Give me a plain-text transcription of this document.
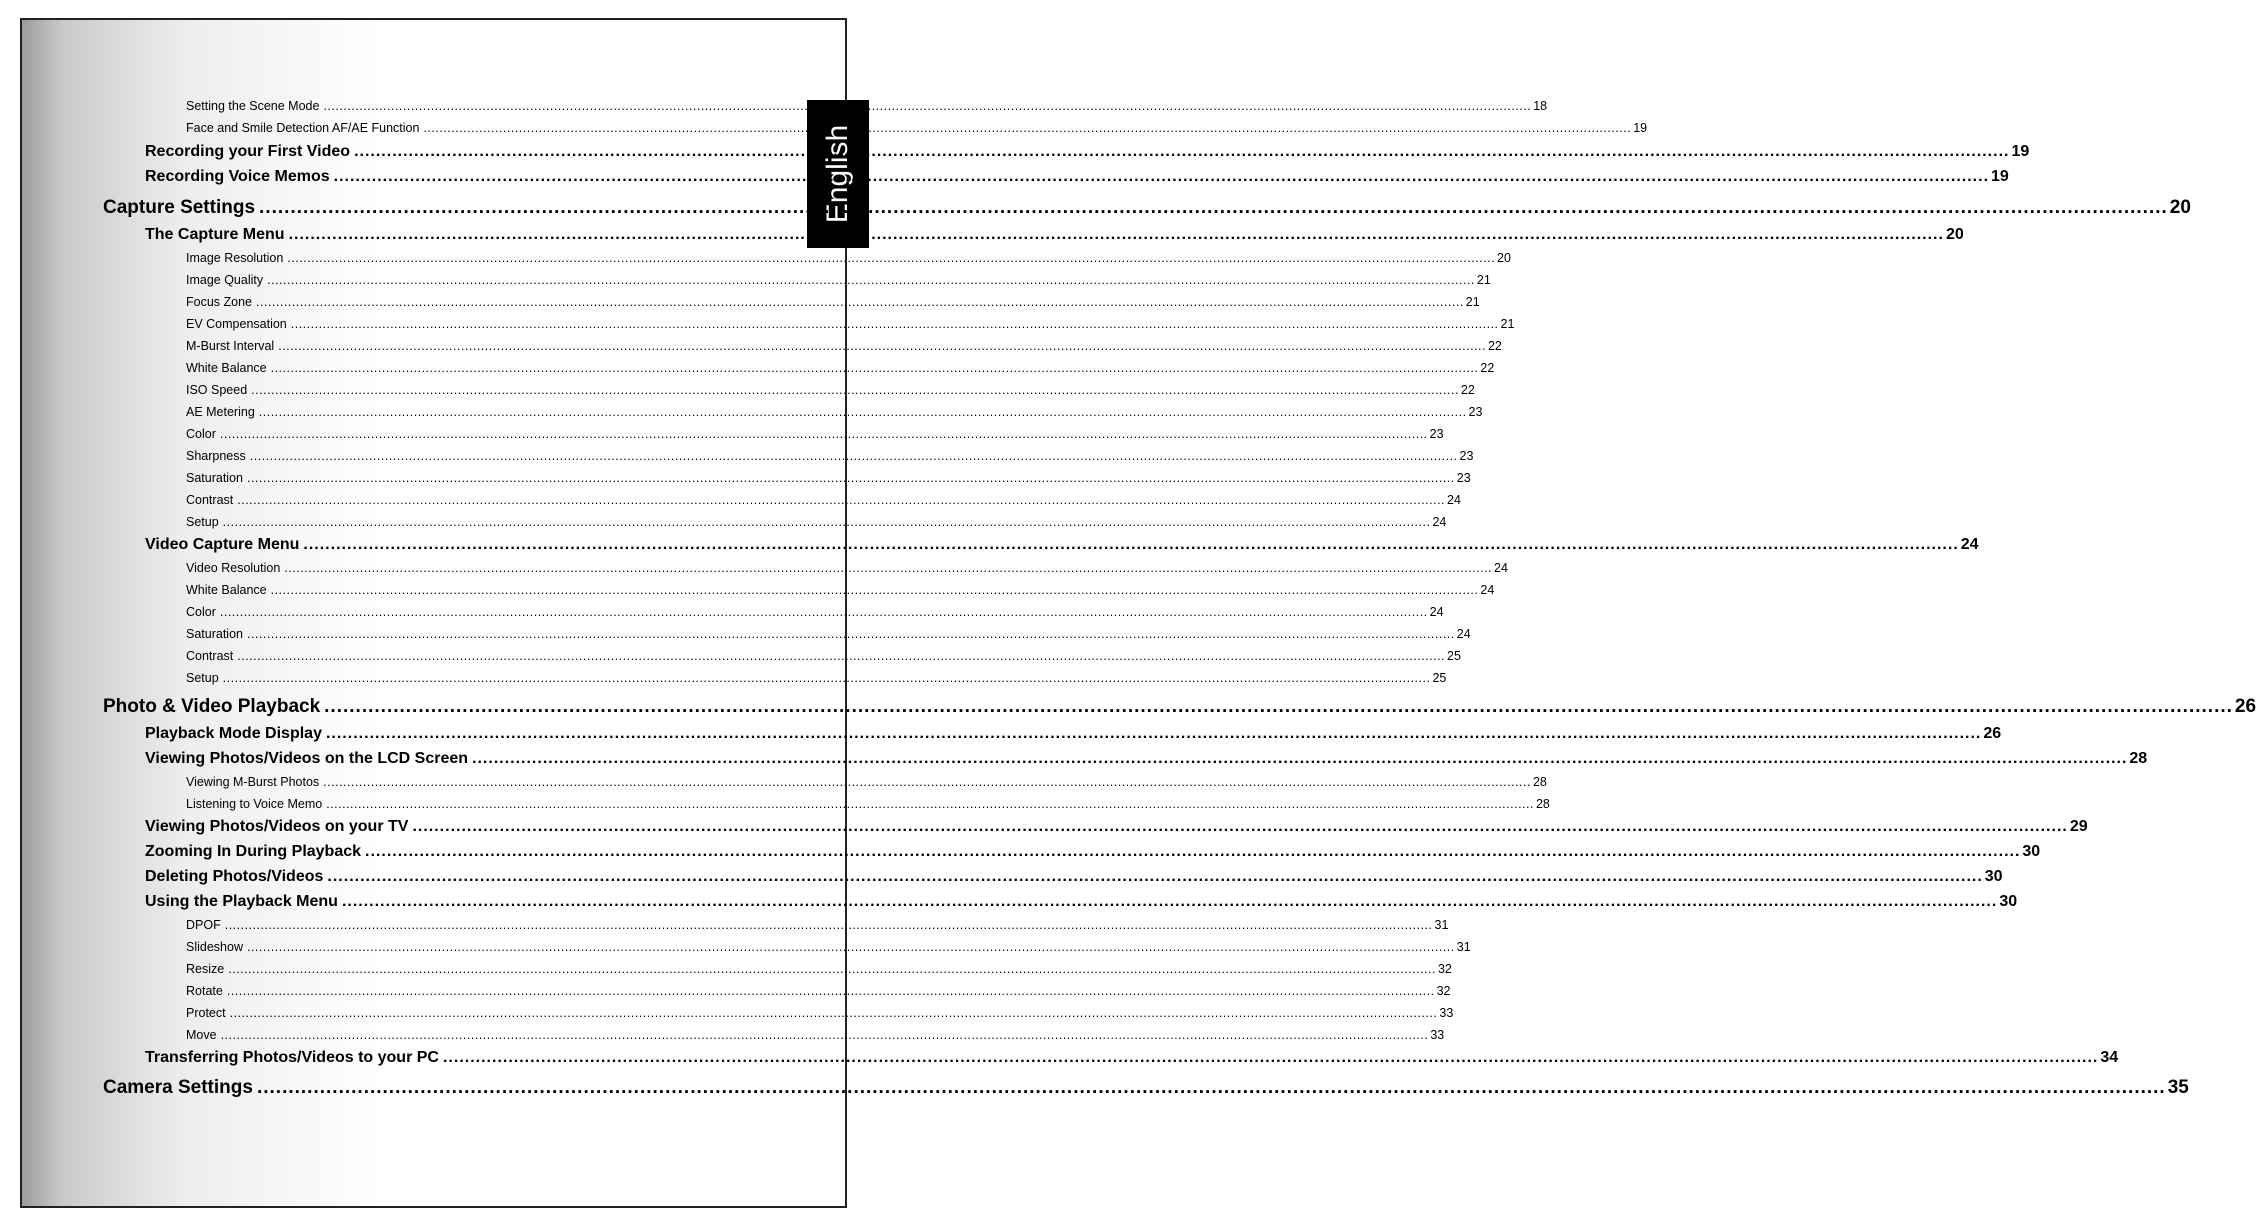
English
Setting the Scene Mode ................................................................................................................................................................................................................................................................................................................ 18
Face and Smile Detection AF/AE Function ................................................................................................................................................................................................................................................................................................................ 19
Recording your First Video ................................................................................................................................................................................................................................................................................................................ 19
Recording Voice Memos ................................................................................................................................................................................................................................................................................................................ 19
Capture Settings ................................................................................................................................................................................................................................................................................................................ 20
The Capture Menu ................................................................................................................................................................................................................................................................................................................ 20
Image Resolution ................................................................................................................................................................................................................................................................................................................ 20
Image Quality ................................................................................................................................................................................................................................................................................................................ 21
Focus Zone ................................................................................................................................................................................................................................................................................................................ 21
EV Compensation ................................................................................................................................................................................................................................................................................................................ 21
M-Burst Interval ................................................................................................................................................................................................................................................................................................................ 22
White Balance ................................................................................................................................................................................................................................................................................................................ 22
ISO Speed ................................................................................................................................................................................................................................................................................................................ 22
AE Metering ................................................................................................................................................................................................................................................................................................................ 23
Color ................................................................................................................................................................................................................................................................................................................ 23
Sharpness ................................................................................................................................................................................................................................................................................................................ 23
Saturation ................................................................................................................................................................................................................................................................................................................ 23
Contrast ................................................................................................................................................................................................................................................................................................................ 24
Setup ................................................................................................................................................................................................................................................................................................................ 24
Video Capture Menu ................................................................................................................................................................................................................................................................................................................ 24
Video Resolution ................................................................................................................................................................................................................................................................................................................ 24
White Balance ................................................................................................................................................................................................................................................................................................................ 24
Color ................................................................................................................................................................................................................................................................................................................ 24
Saturation ................................................................................................................................................................................................................................................................................................................ 24
Contrast ................................................................................................................................................................................................................................................................................................................ 25
Setup ................................................................................................................................................................................................................................................................................................................ 25
Photo & Video Playback ................................................................................................................................................................................................................................................................................................................ 26
Playback Mode Display ................................................................................................................................................................................................................................................................................................................ 26
Viewing Photos/Videos on the LCD Screen ................................................................................................................................................................................................................................................................................................................ 28
Viewing M-Burst Photos ................................................................................................................................................................................................................................................................................................................ 28
Listening to Voice Memo ................................................................................................................................................................................................................................................................................................................ 28
Viewing Photos/Videos on your TV ................................................................................................................................................................................................................................................................................................................ 29
Zooming In During Playback ................................................................................................................................................................................................................................................................................................................ 30
Deleting Photos/Videos ................................................................................................................................................................................................................................................................................................................ 30
Using the Playback Menu ................................................................................................................................................................................................................................................................................................................ 30
DPOF ................................................................................................................................................................................................................................................................................................................ 31
Slideshow ................................................................................................................................................................................................................................................................................................................ 31
Resize ................................................................................................................................................................................................................................................................................................................ 32
Rotate ................................................................................................................................................................................................................................................................................................................ 32
Protect ................................................................................................................................................................................................................................................................................................................ 33
Move ................................................................................................................................................................................................................................................................................................................ 33
Transferring Photos/Videos to your PC ................................................................................................................................................................................................................................................................................................................ 34
Camera Settings ................................................................................................................................................................................................................................................................................................................ 35
